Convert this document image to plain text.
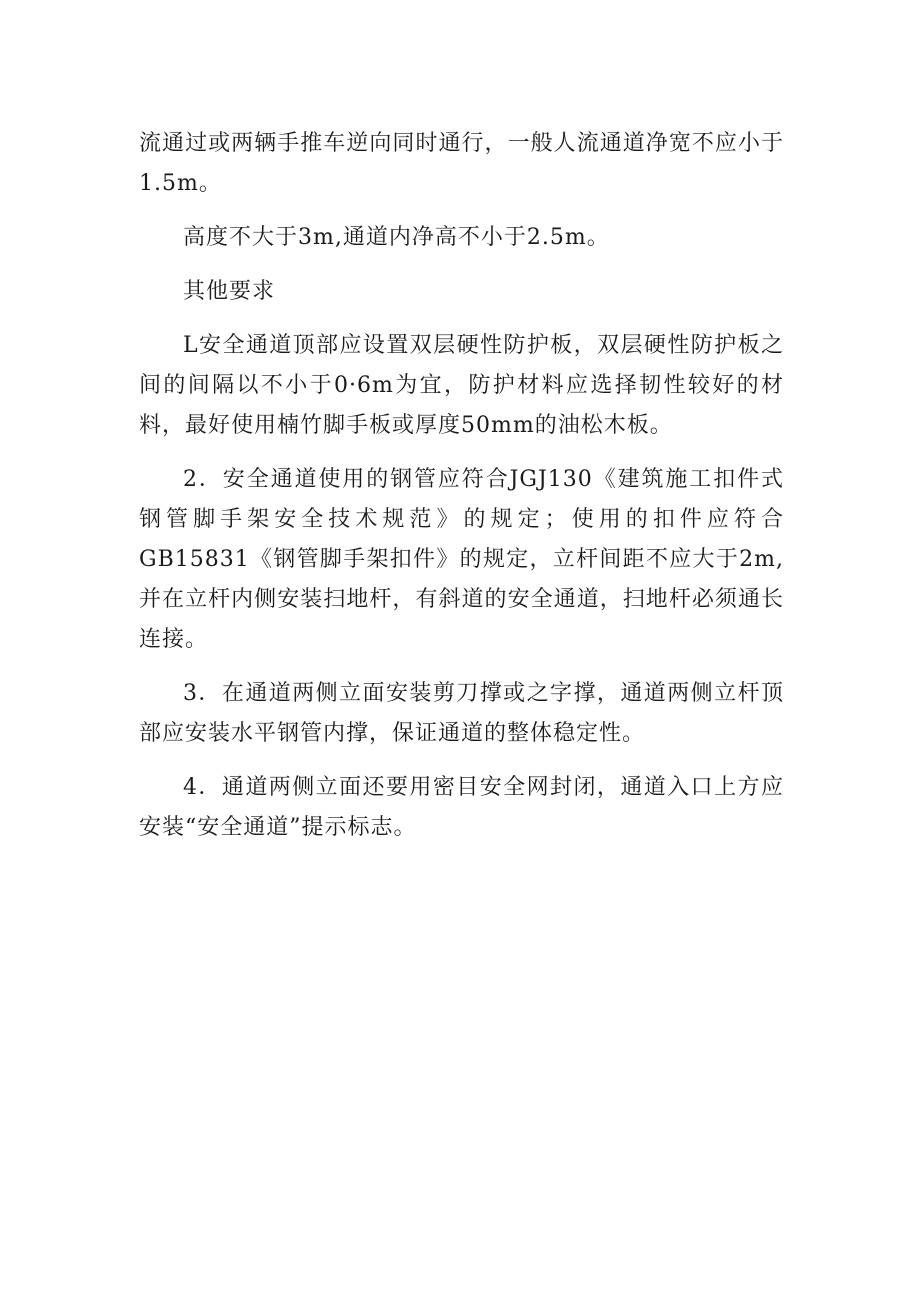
流通过或两辆手推车逆向同时通行，一般人流通道净宽不应小于1.5m。

高度不大于3m,通道内净高不小于2.5m。

其他要求

L安全通道顶部应设置双层硬性防护板，双层硬性防护板之间的间隔以不小于0·6m为宜，防护材料应选择韧性较好的材料，最好使用楠竹脚手板或厚度50mm的油松木板。

2．安全通道使用的钢管应符合JGJ130《建筑施工扣件式钢管脚手架安全技术规范》的规定；使用的扣件应符合GB15831《钢管脚手架扣件》的规定，立杆间距不应大于2m,并在立杆内侧安装扫地杆，有斜道的安全通道，扫地杆必须通长连接。

3．在通道两侧立面安装剪刀撑或之字撑，通道两侧立杆顶部应安装水平钢管内撑，保证通道的整体稳定性。

4．通道两侧立面还要用密目安全网封闭，通道入口上方应安装“安全通道”提示标志。
